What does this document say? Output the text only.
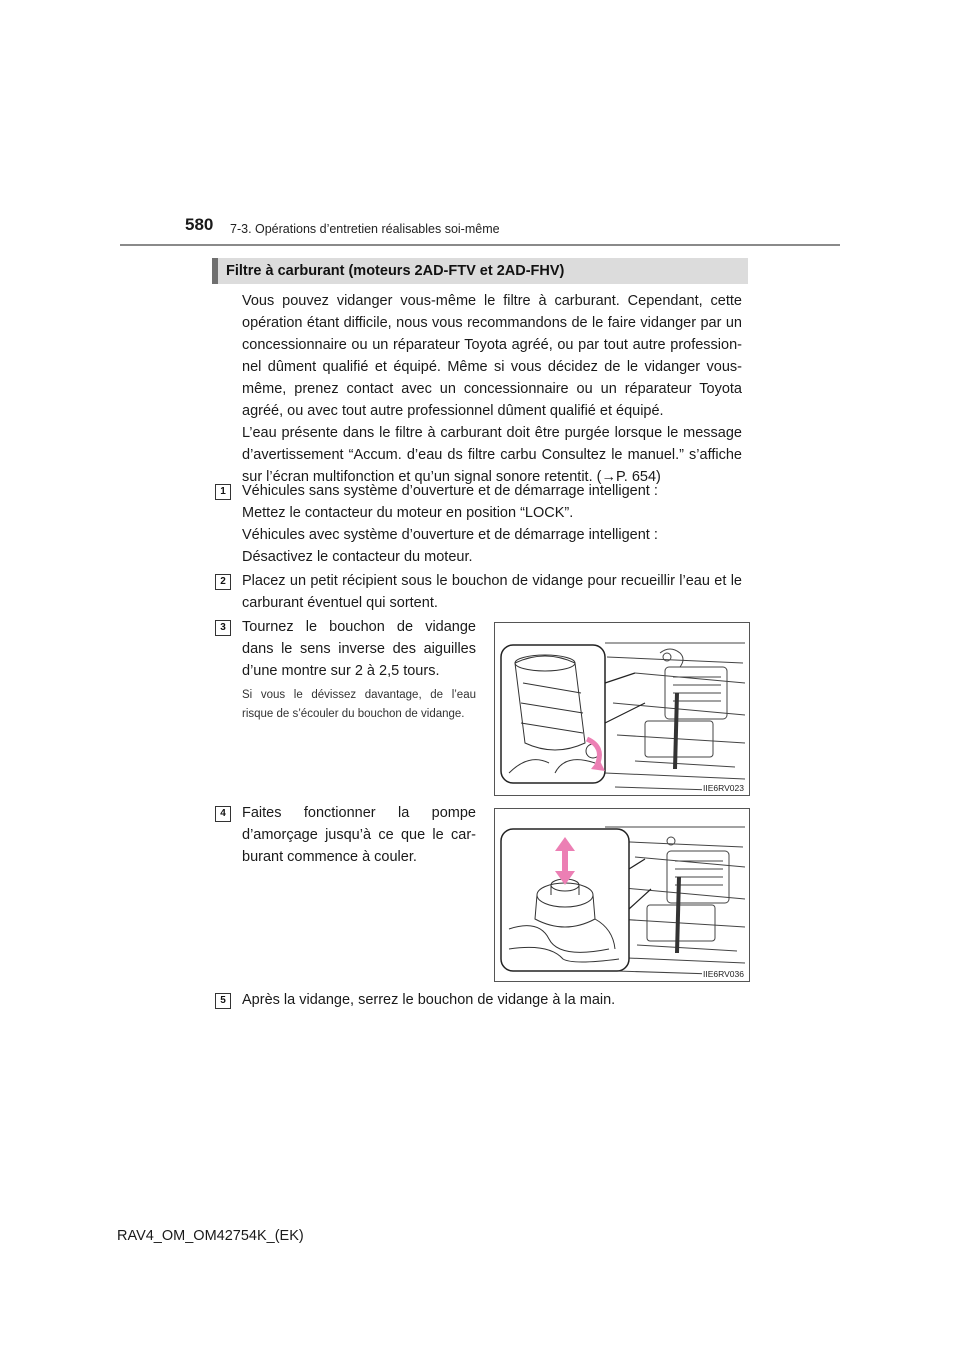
580 7-3. Opérations d’entretien réalisables soi-même
Filtre à carburant (moteurs 2AD-FTV et 2AD-FHV)

Vous pouvez vidanger vous-même le filtre à carburant. Cependant, cette opération étant difficile, nous vous recommandons de le faire vidanger par un concessionnaire ou un réparateur Toyota agréé, ou par tout autre profession-nel dûment qualifié et équipé. Même si vous décidez de le vidanger vous-même, prenez contact avec un concessionnaire ou un réparateur Toyota agréé, ou avec tout autre professionnel dûment qualifié et équipé.

L’eau présente dans le filtre à carburant doit être purgée lorsque le message d’avertissement “Accum. d’eau ds filtre carbu Consultez le manuel.” s’affiche sur l’écran multifonction et qu’un signal sonore retentit. (→P. 654)

1	Véhicules sans système d’ouverture et de démarrage intelligent :
Mettez le contacteur du moteur en position “LOCK”.
Véhicules avec système d’ouverture et de démarrage intelligent :
Désactivez le contacteur du moteur.
2	Placez un petit récipient sous le bouchon de vidange pour recueillir l’eau et le carburant éventuel qui sortent.

3	Tournez le bouchon de vidange dans le sens inverse des aiguilles d’une montre sur 2 à 2,5 tours.

Si vous le dévissez davantage, de l’eau risque de s’écouler du bouchon de vidange.

IIE6RV023
4	Faites fonctionner la pompe d’amorçage jusqu’à ce que le car-burant commence à couler.

IIE6RV036
5	Après la vidange, serrez le bouchon de vidange à la main.

RAV4_OM_OM42754K_(EK)
